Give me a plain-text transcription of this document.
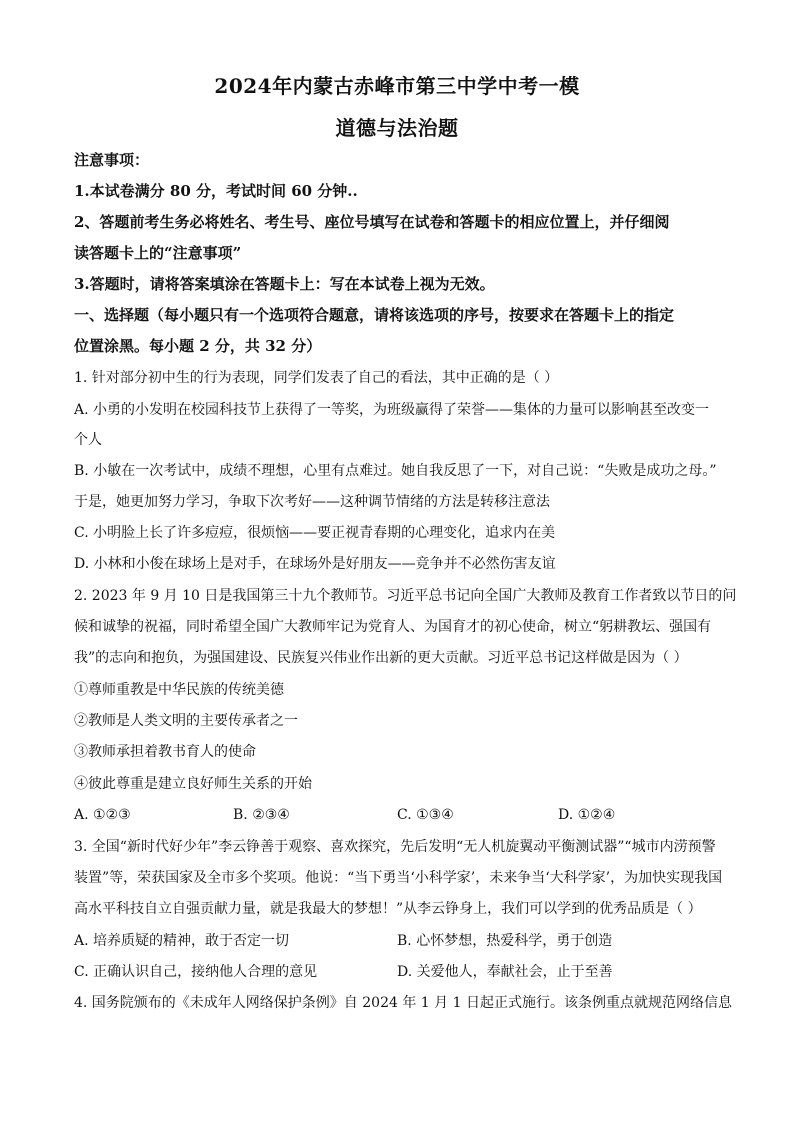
2024年内蒙古赤峰市第三中学中考一模
道德与法治题
注意事项：
1.本试卷满分 80 分，考试时间 60 分钟..
2、答题前考生务必将姓名、考生号、座位号填写在试卷和答题卡的相应位置上，并仔细阅
读答题卡上的“注意事项”
3.答题时，请将答案填涂在答题卡上：写在本试卷上视为无效。
一、选择题（每小题只有一个选项符合题意，请将该选项的序号，按要求在答题卡上的指定
位置涂黑。每小题 2 分，共 32 分）
1. 针对部分初中生的行为表现，同学们发表了自己的看法，其中正确的是（ ）
A. 小勇的小发明在校园科技节上获得了一等奖，为班级赢得了荣誉——集体的力量可以影响甚至改变一
个人
B. 小敏在一次考试中，成绩不理想，心里有点难过。她自我反思了一下，对自己说：“失败是成功之母。”
于是，她更加努力学习，争取下次考好——这种调节情绪的方法是转移注意法
C. 小明脸上长了许多痘痘，很烦恼——要正视青春期的心理变化，追求内在美
D. 小林和小俊在球场上是对手，在球场外是好朋友——竞争并不必然伤害友谊
2. 2023 年 9 月 10 日是我国第三十九个教师节。习近平总书记向全国广大教师及教育工作者致以节日的问
候和诚挚的祝福，同时希望全国广大教师牢记为党育人、为国育才的初心使命，树立“躬耕教坛、强国有
我”的志向和抱负，为强国建设、民族复兴伟业作出新的更大贡献。习近平总书记这样做是因为（ ）
①尊师重教是中华民族的传统美德
②教师是人类文明的主要传承者之一
③教师承担着教书育人的使命
④彼此尊重是建立良好师生关系的开始
A. ①②③	B. ②③④	C. ①③④	D. ①②④
3. 全国“新时代好少年”李云铮善于观察、喜欢探究，先后发明“无人机旋翼动平衡测试器”“城市内涝预警
装置”等，荣获国家及全市多个奖项。他说：“当下勇当‘小科学家’，未来争当‘大科学家’，为加快实现我国
高水平科技自立自强贡献力量，就是我最大的梦想！”从李云铮身上，我们可以学到的优秀品质是（ ）
A. 培养质疑的精神，敢于否定一切	B. 心怀梦想，热爱科学，勇于创造
C. 正确认识自己，接纳他人合理的意见	D. 关爱他人，奉献社会，止于至善
4. 国务院颁布的《未成年人网络保护条例》自 2024 年 1 月 1 日起正式施行。该条例重点就规范网络信息
